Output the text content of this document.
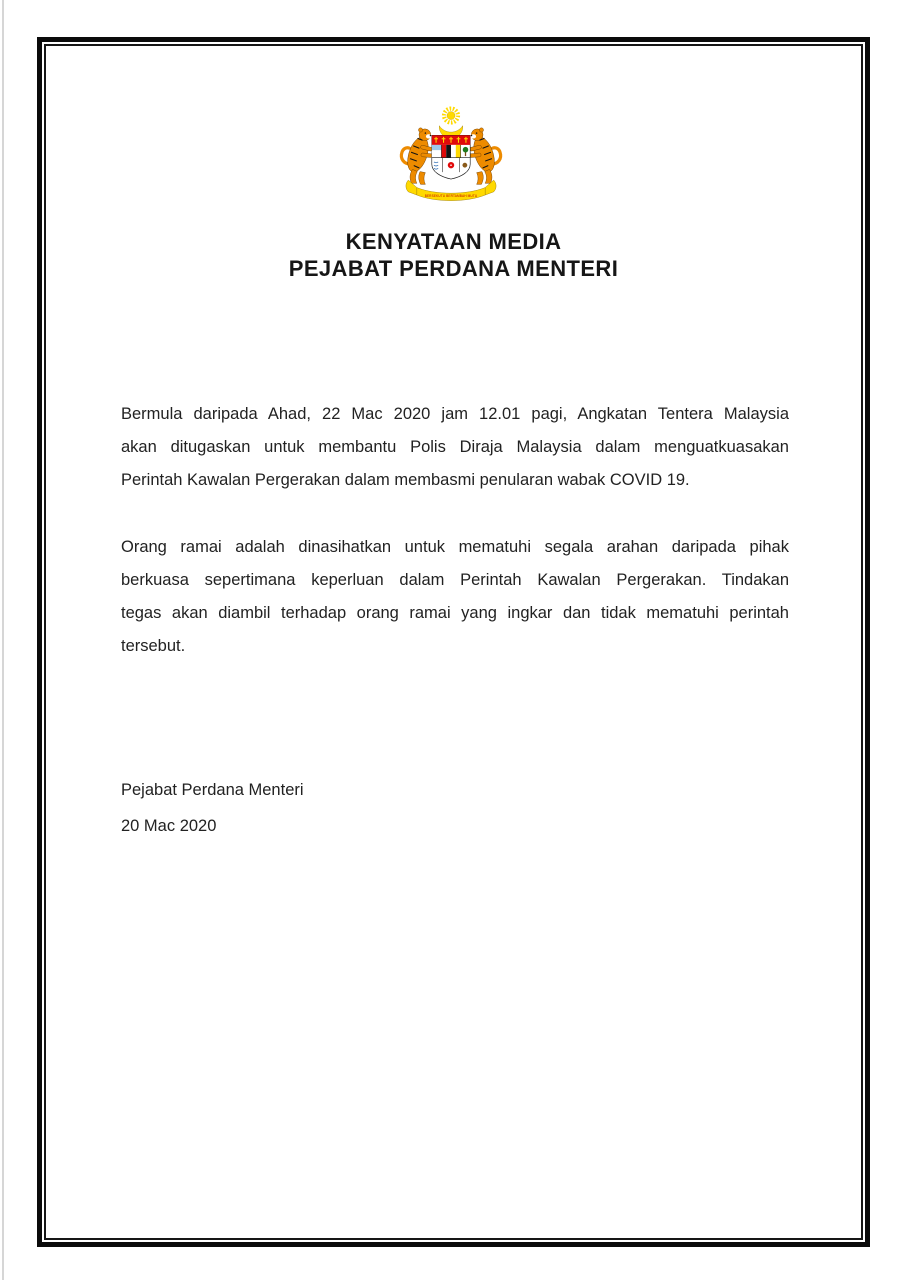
BERSEKUTU BERTAMBAH MUTU
KENYATAAN MEDIA
PEJABAT PERDANA MENTERI
Bermula daripada Ahad, 22 Mac 2020 jam 12.01 pagi, Angkatan Tentera Malaysia
akan ditugaskan untuk membantu Polis Diraja Malaysia dalam menguatkuasakan
Perintah Kawalan Pergerakan dalam membasmi penularan wabak COVID 19.
Orang ramai adalah dinasihatkan untuk mematuhi segala arahan daripada pihak
berkuasa sepertimana keperluan dalam Perintah Kawalan Pergerakan. Tindakan
tegas akan diambil terhadap orang ramai yang ingkar dan tidak mematuhi perintah
tersebut.
Pejabat Perdana Menteri
20 Mac 2020
